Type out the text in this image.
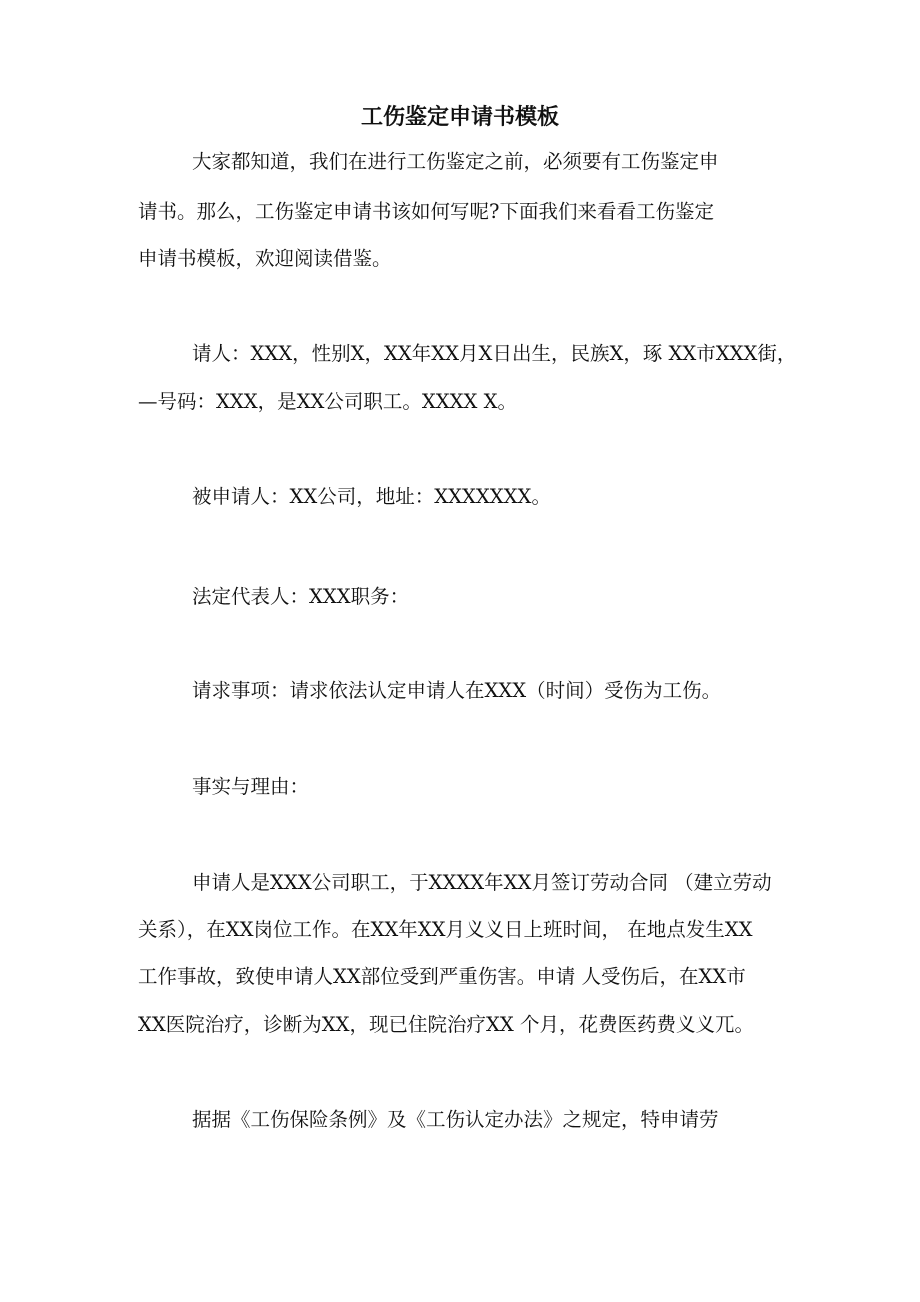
工伤鉴定申请书模板
大家都知道，我们在进行工伤鉴定之前，必须要有工伤鉴定申
请书。那么，工伤鉴定申请书该如何写呢?下面我们来看看工伤鉴定
申请书模板，欢迎阅读借鉴。
请人：XXX，性别X，XX年XX月X日出生，民族X，琢 XX市XXX街，
—号码：XXX，是XX公司职工。XXXX X。
被申请人：XX公司，地址：XXXXXXX。
法定代表人：XXX职务：
请求事项：请求依法认定申请人在XXX（时间）受伤为工伤。
事实与理由：
申请人是XXX公司职工，于XXXX年XX月签订劳动合同 （建立劳动
关系），在XX岗位工作。在XX年XX月义义日上班时间， 在地点发生XX
工作事故，致使申请人XX部位受到严重伤害。申请 人受伤后，在XX市
XX医院治疗，诊断为XX，现已住院治疗XX 个月，花费医药费义义兀。
据据《工伤保险条例》及《工伤认定办法》之规定，特申请劳
